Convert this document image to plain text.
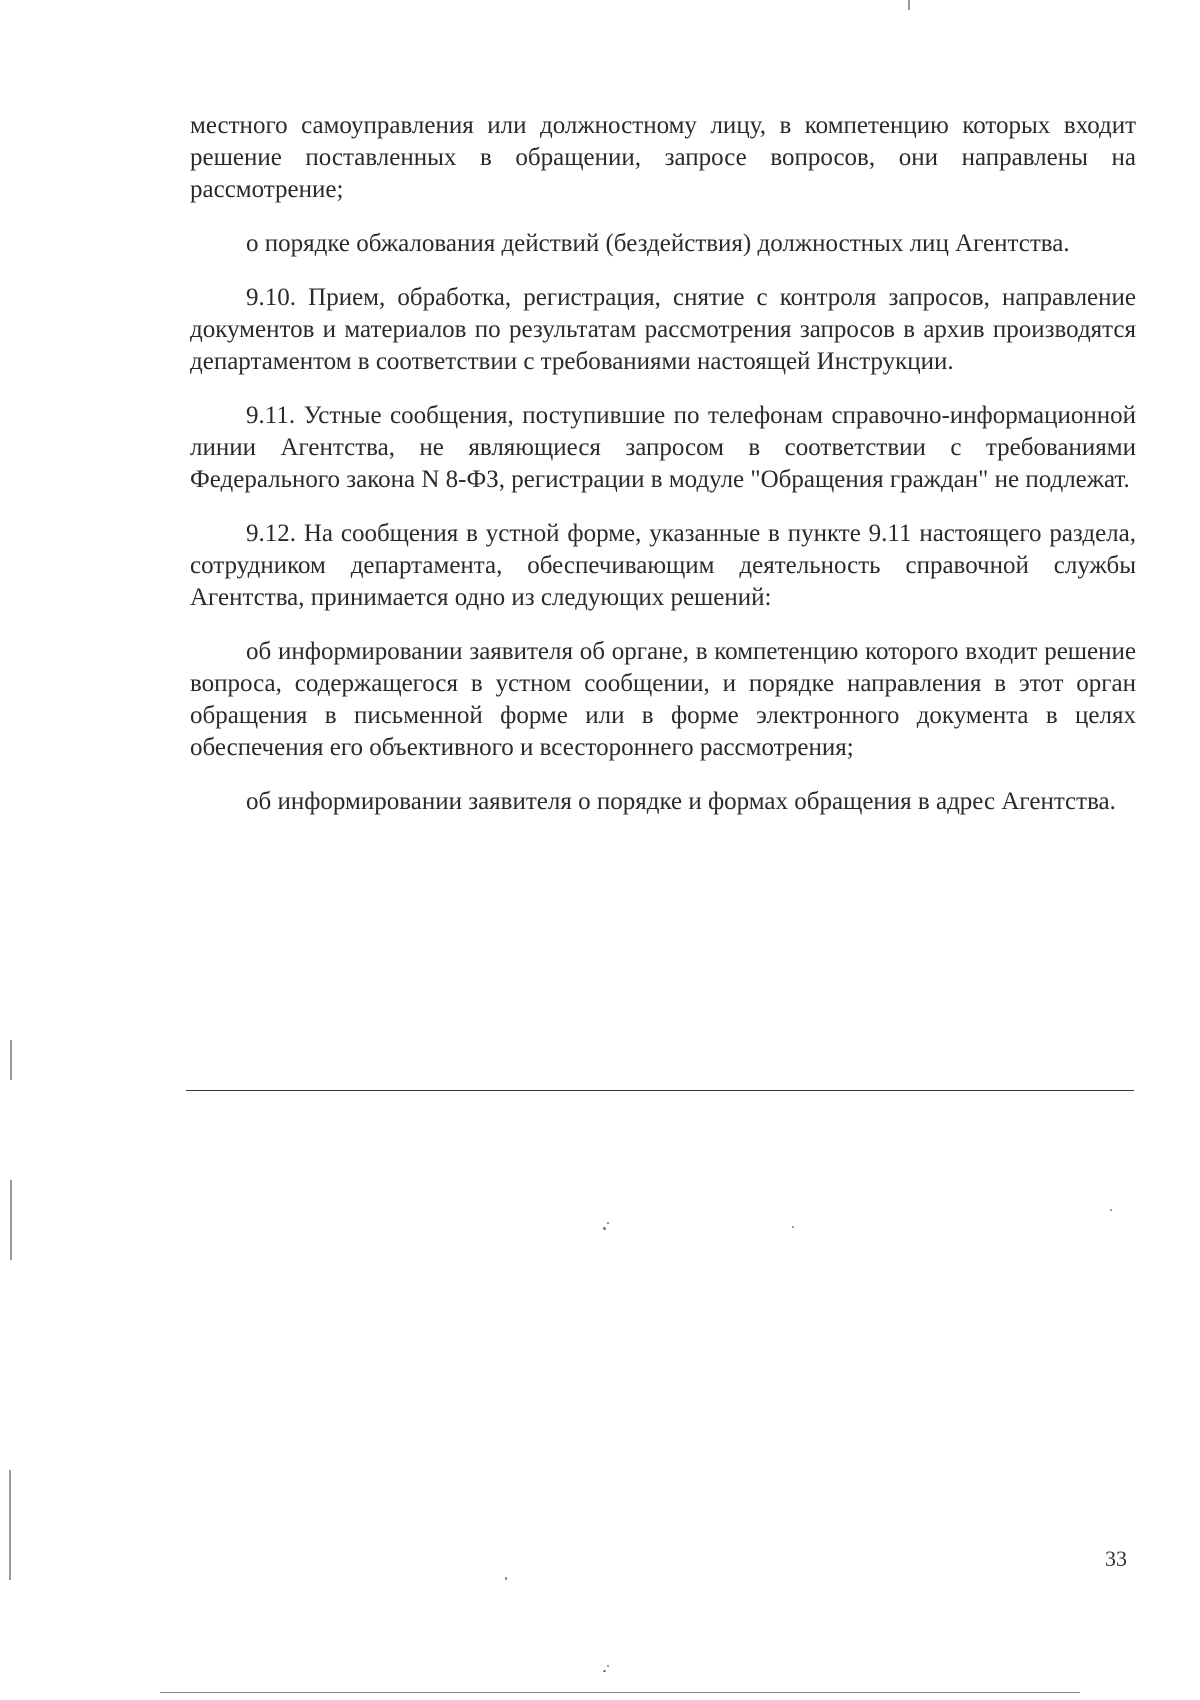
местного самоуправления или должностному лицу, в компетенцию которых входит решение поставленных в обращении, запросе вопросов, они направлены на рассмотрение;

о порядке обжалования действий (бездействия) должностных лиц Агентства.

9.10. Прием, обработка, регистрация, снятие с контроля запросов, направление документов и материалов по результатам рассмотрения запросов в архив производятся департаментом в соответствии с требованиями настоящей Инструкции.

9.11. Устные сообщения, поступившие по телефонам справочно-информационной линии Агентства, не являющиеся запросом в соответствии с требованиями Федерального закона N 8-ФЗ, регистрации в модуле "Обращения граждан" не подлежат.

9.12. На сообщения в устной форме, указанные в пункте 9.11 настоящего раздела, сотрудником департамента, обеспечивающим деятельность справочной службы Агентства, принимается одно из следующих решений:

об информировании заявителя об органе, в компетенцию которого входит решение вопроса, содержащегося в устном сообщении, и порядке направления в этот орган обращения в письменной форме или в форме электронного документа в целях обеспечения его объективного и всестороннего рассмотрения;

об информировании заявителя о порядке и формах обращения в адрес Агентства.

33
